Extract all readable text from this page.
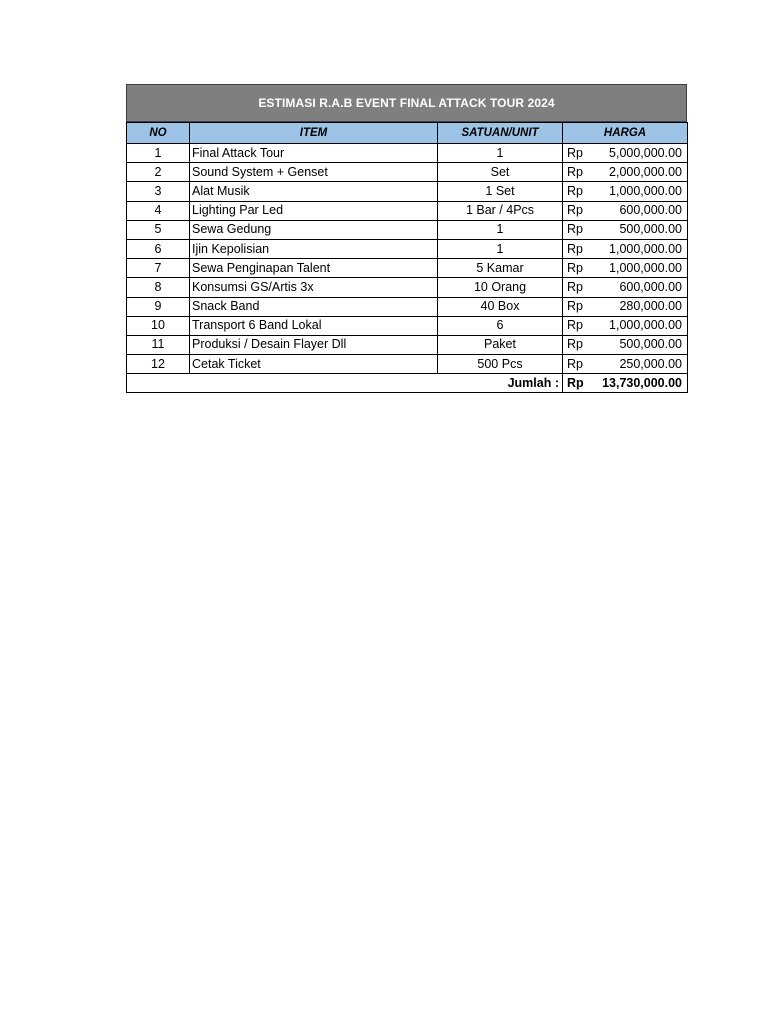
ESTIMASI R.A.B EVENT FINAL ATTACK TOUR 2024
NO	ITEM	SATUAN/UNIT	HARGA	
1	Final Attack Tour	1	Rp	5,000,000.00
2	Sound System + Genset	Set	Rp	2,000,000.00
3	Alat Musik	1 Set	Rp	1,000,000.00
4	Lighting Par Led	1 Bar / 4Pcs	Rp	600,000.00
5	Sewa Gedung	1	Rp	500,000.00
6	Ijin Kepolisian	1	Rp	1,000,000.00
7	Sewa Penginapan Talent	5 Kamar	Rp	1,000,000.00
8	Konsumsi GS/Artis 3x	10 Orang	Rp	600,000.00
9	Snack Band	40 Box	Rp	280,000.00
10	Transport 6 Band Lokal	6	Rp	1,000,000.00
11	Produksi / Desain Flayer Dll	Paket	Rp	500,000.00
12	Cetak Ticket	500 Pcs	Rp	250,000.00
Jumlah :			Rp	13,730,000.00
